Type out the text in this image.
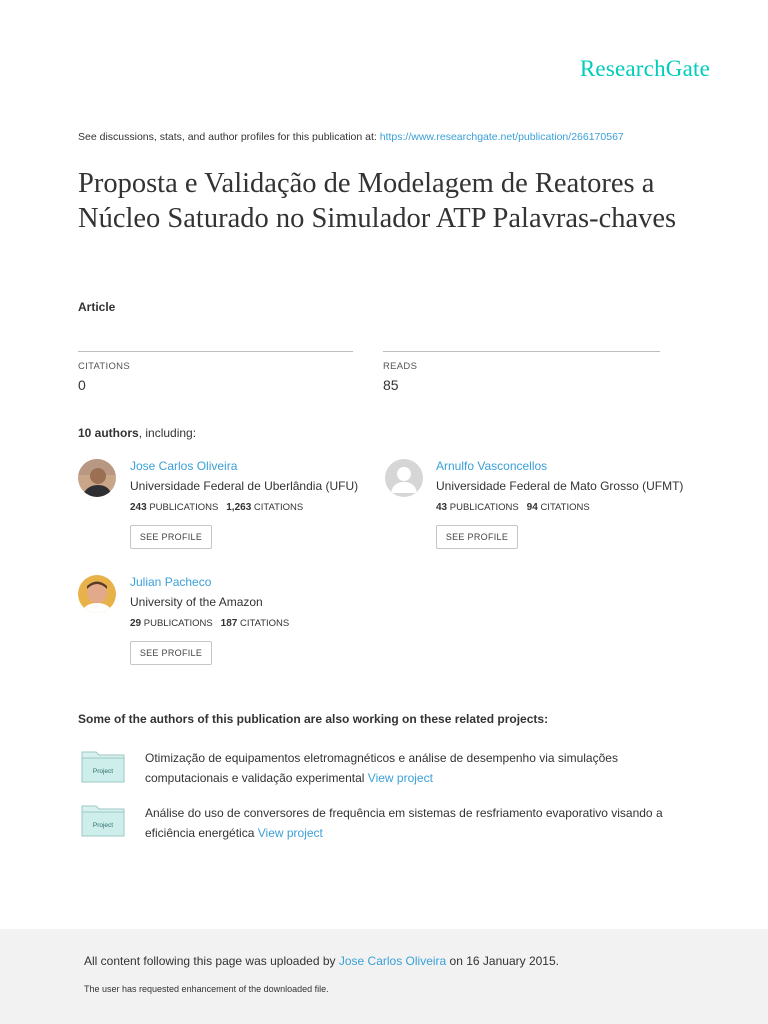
ResearchGate
See discussions, stats, and author profiles for this publication at: https://www.researchgate.net/publication/266170567
Proposta e Validação de Modelagem de Reatores a Núcleo Saturado no Simulador ATP Palavras-chaves
Article
CITATIONS
0
READS
85
10 authors, including:
Jose Carlos Oliveira
Universidade Federal de Uberlândia (UFU)
243 PUBLICATIONS 1,263 CITATIONS
SEE PROFILE
Arnulfo Vasconcellos
Universidade Federal de Mato Grosso (UFMT)
43 PUBLICATIONS 94 CITATIONS
SEE PROFILE
Julian Pacheco
University of the Amazon
29 PUBLICATIONS 187 CITATIONS
SEE PROFILE
Some of the authors of this publication are also working on these related projects:
Project
Otimização de equipamentos eletromagnéticos e análise de desempenho via simulações computacionais e validação experimental View project
Project
Análise do uso de conversores de frequência em sistemas de resfriamento evaporativo visando a eficiência energética View project
All content following this page was uploaded by Jose Carlos Oliveira on 16 January 2015.
The user has requested enhancement of the downloaded file.
